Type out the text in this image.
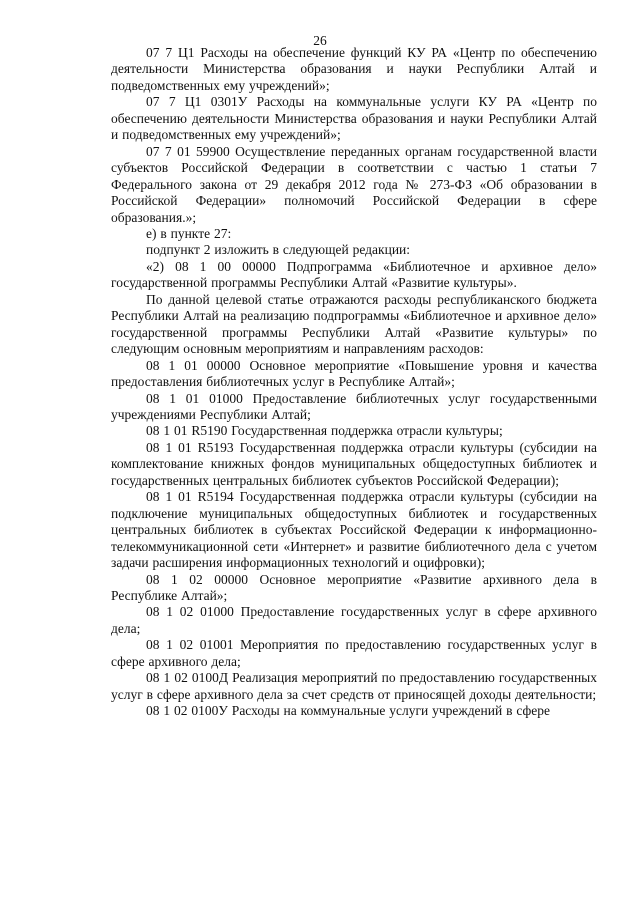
26

07 7 Ц1 Расходы на обеспечение функций КУ РА «Центр по обеспечению деятельности Министерства образования и науки Республики Алтай и подведомственных ему учреждений»;

07 7 Ц1 0301У Расходы на коммунальные услуги КУ РА «Центр по обеспечению деятельности Министерства образования и науки Республики Алтай и подведомственных ему учреждений»;

07 7 01 59900 Осуществление переданных органам государственной власти субъектов Российской Федерации в соответствии с частью 1 статьи 7 Федерального закона от 29 декабря 2012 года № 273-ФЗ «Об образовании в Российской Федерации» полномочий Российской Федерации в сфере образования.»;

е) в пункте 27:

подпункт 2 изложить в следующей редакции:

«2) 08 1 00 00000 Подпрограмма «Библиотечное и архивное дело» государственной программы Республики Алтай «Развитие культуры».

По данной целевой статье отражаются расходы республиканского бюджета Республики Алтай на реализацию подпрограммы «Библиотечное и архивное дело» государственной программы Республики Алтай «Развитие культуры» по следующим основным мероприятиям и направлениям расходов:

08 1 01 00000 Основное мероприятие «Повышение уровня и качества предоставления библиотечных услуг в Республике Алтай»;

08 1 01 01000 Предоставление библиотечных услуг государственными учреждениями Республики Алтай;

08 1 01 R5190 Государственная поддержка отрасли культуры;

08 1 01 R5193 Государственная поддержка отрасли культуры (субсидии на комплектование книжных фондов муниципальных общедоступных библиотек и государственных центральных библиотек субъектов Российской Федерации);

08 1 01 R5194 Государственная поддержка отрасли культуры (субсидии на подключение муниципальных общедоступных библиотек и государственных центральных библиотек в субъектах Российской Федерации к информационно-телекоммуникационной сети «Интернет» и развитие библиотечного дела с учетом задачи расширения информационных технологий и оцифровки);

08 1 02 00000 Основное мероприятие «Развитие архивного дела в Республике Алтай»;

08 1 02 01000 Предоставление государственных услуг в сфере архивного дела;

08 1 02 01001 Мероприятия по предоставлению государственных услуг в сфере архивного дела;

08 1 02 0100Д Реализация мероприятий по предоставлению государственных услуг в сфере архивного дела за счет средств от приносящей доходы деятельности;

08 1 02 0100У Расходы на коммунальные услуги учреждений в сфере
